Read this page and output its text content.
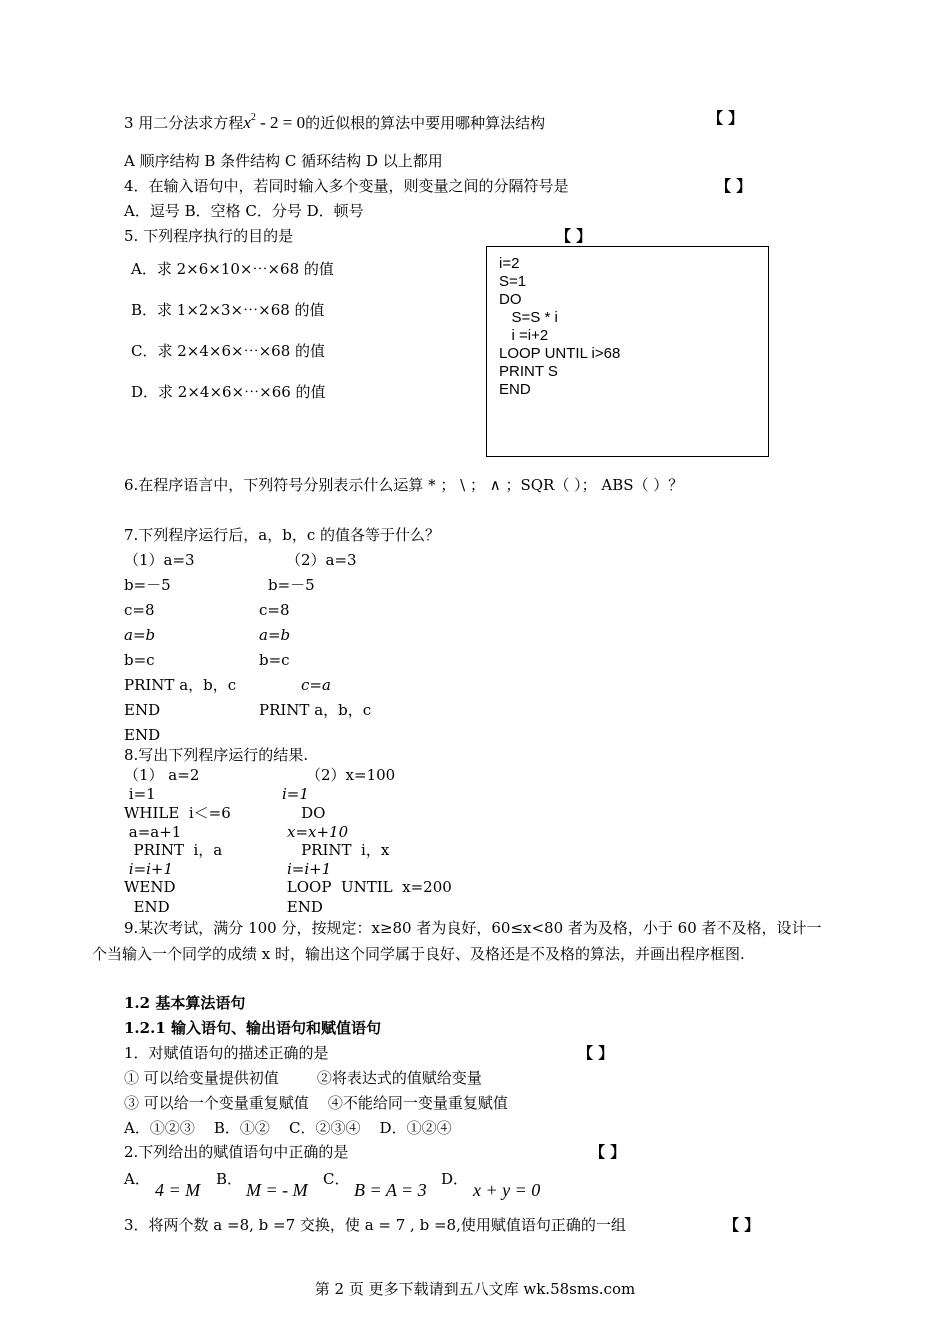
3 用二分法求方程$x^2 - 2 = 0$的近似根的算法中要用哪种算法结构	【 】
A 顺序结构 B 条件结构 C 循环结构 D 以上都用
4．在输入语句中，若同时输入多个变量，则变量之间的分隔符号是	【 】
A．逗号 B．空格 C．分号 D．顿号
5. 下列程序执行的目的是	【 】
A．求 2×6×10×⋯×68 的值
B．求 1×2×3×⋯×68 的值
C．求 2×4×6×⋯×68 的值
D．求 2×4×6×⋯×66 的值
i=2
S=1
DO
S=S * i
i =i+2
LOOP UNTIL i>68
PRINT S
END
6.在程序语言中，下列符号分别表示什么运算 * ； \ ； ∧ ；SQR（ ）； ABS（ ）？
7.下列程序运行后，a，b，c 的值各等于什么？
（1）a=3	（2）a=3
b=－5	b=－5
c=8	c=8
a=b	a=b
b=c	b=c
PRINT a，b，c	c=a
END	PRINT a，b，c
END
8.写出下列程序运行的结果.
（1） a=2	（2）x=100
i=1	i=1
WHILE  i＜=6	DO
a=a+1	x=x+10
PRINT  i，a	PRINT  i，x
i=i+1	i=i+1
WEND	LOOP  UNTIL  x=200
END	END
9.某次考试，满分 100 分，按规定：x≥80 者为良好，60≤x<80 者为及格，小于 60 者不及格，设计一
个当输入一个同学的成绩 x 时，输出这个同学属于良好、及格还是不及格的算法，并画出程序框图.
1.2 基本算法语句
1.2.1 输入语句、输出语句和赋值语句
1．对赋值语句的描述正确的是	【 】
① 可以给变量提供初值        ②将表达式的值赋给变量
③ 可以给一个变量重复赋值    ④不能给同一变量重复赋值
A．①②③    B．①②    C．②③④    D．①②④
2.下列给出的赋值语句中正确的是	【 】
A．
4 = M
B．
M = - M
C．
B = A = 3
D．
x + y = 0
3．将两个数 a =8, b =7 交换，使 a = 7 , b =8,使用赋值语句正确的一组	【 】
第 2 页 更多下载请到五八文库 wk.58sms.com
